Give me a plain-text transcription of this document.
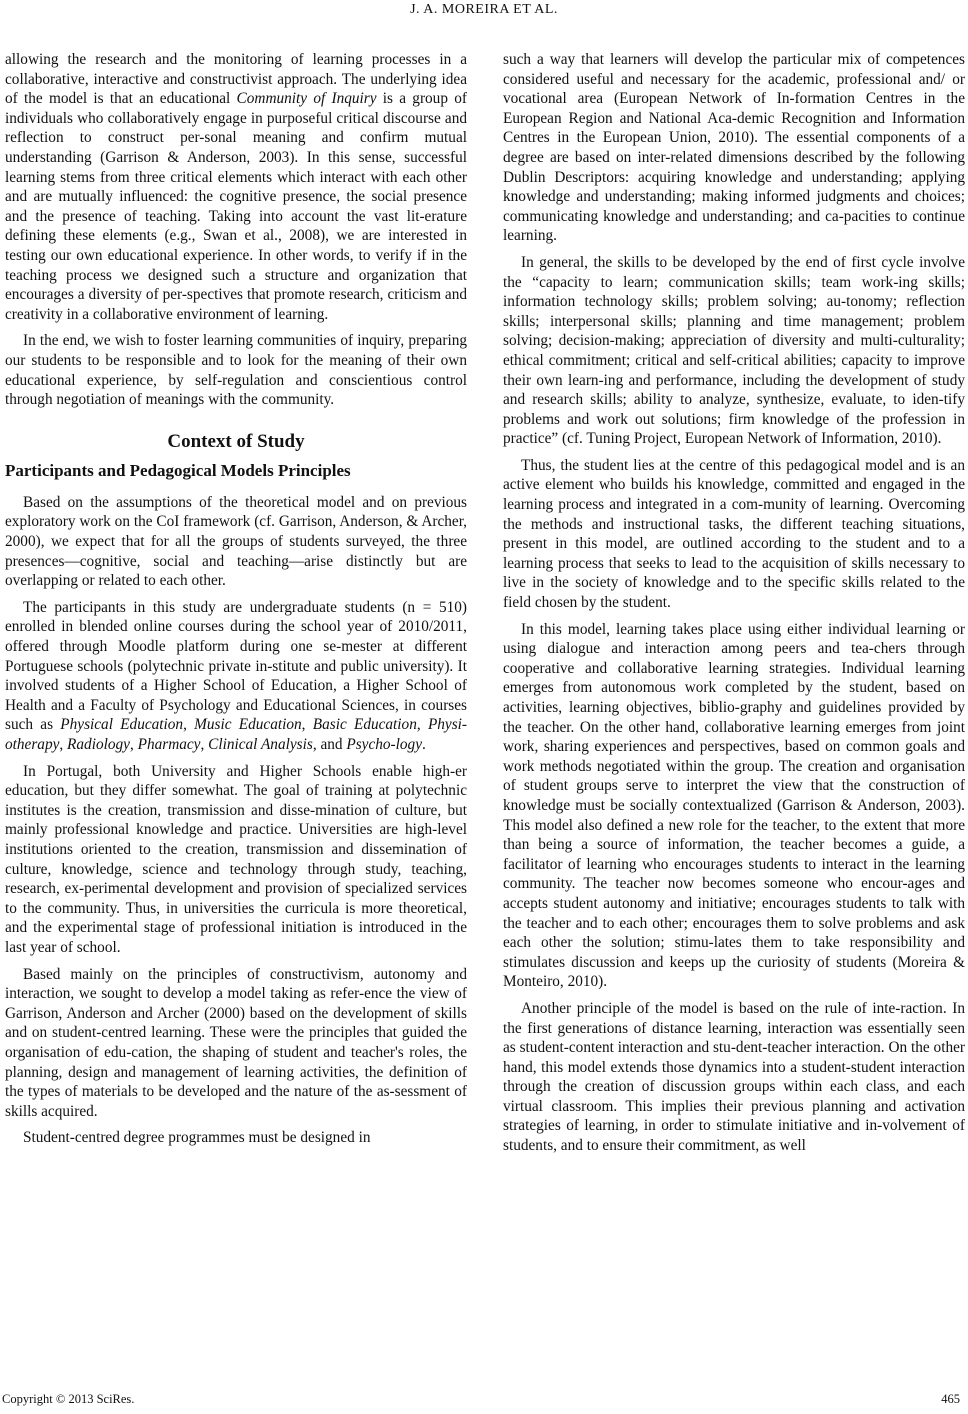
J. A. MOREIRA ET AL.

allowing the research and the monitoring of learning processes in a collaborative, interactive and constructivist approach. The underlying idea of the model is that an educational Community of Inquiry is a group of individuals who collaboratively engage in purposeful critical discourse and reflection to construct per-sonal meaning and confirm mutual understanding (Garrison & Anderson, 2003). In this sense, successful learning stems from three critical elements which interact with each other and are mutually influenced: the cognitive presence, the social presence and the presence of teaching. Taking into account the vast lit-erature defining these elements (e.g., Swan et al., 2008), we are interested in testing our own educational experience. In other words, to verify if in the teaching process we designed such a structure and organization that encourages a diversity of per-spectives that promote research, criticism and creativity in a collaborative environment of learning.

In the end, we wish to foster learning communities of inquiry, preparing our students to be responsible and to look for the meaning of their own educational experience, by self-regulation and conscientious control through negotiation of meanings with the community.

Context of Study
Participants and Pedagogical Models Principles

Based on the assumptions of the theoretical model and on previous exploratory work on the CoI framework (cf. Garrison, Anderson, & Archer, 2000), we expect that for all the groups of students surveyed, the three presences—cognitive, social and teaching—arise distinctly but are overlapping or related to each other.

The participants in this study are undergraduate students (n = 510) enrolled in blended online courses during the school year of 2010/2011, offered through Moodle platform during one se-mester at different Portuguese schools (polytechnic private in-stitute and public university). It involved students of a Higher School of Education, a Higher School of Health and a Faculty of Psychology and Educational Sciences, in courses such as Physical Education, Music Education, Basic Education, Physi-otherapy, Radiology, Pharmacy, Clinical Analysis, and Psycho-logy.

In Portugal, both University and Higher Schools enable high-er education, but they differ somewhat. The goal of training at polytechnic institutes is the creation, transmission and disse-mination of culture, but mainly professional knowledge and practice. Universities are high-level institutions oriented to the creation, transmission and dissemination of culture, knowledge, science and technology through study, teaching, research, ex-perimental development and provision of specialized services to the community. Thus, in universities the curricula is more theoretical, and the experimental stage of professional initiation is introduced in the last year of school.

Based mainly on the principles of constructivism, autonomy and interaction, we sought to develop a model taking as refer-ence the view of Garrison, Anderson and Archer (2000) based on the development of skills and on student-centred learning. These were the principles that guided the organisation of edu-cation, the shaping of student and teacher's roles, the planning, design and management of learning activities, the definition of the types of materials to be developed and the nature of the as-sessment of skills acquired.

Student-centred degree programmes must be designed in

such a way that learners will develop the particular mix of competences considered useful and necessary for the academic, professional and/ or vocational area (European Network of In-formation Centres in the European Region and National Aca-demic Recognition and Information Centres in the European Union, 2010). The essential components of a degree are based on inter-related dimensions described by the following Dublin Descriptors: acquiring knowledge and understanding; applying knowledge and understanding; making informed judgments and choices; communicating knowledge and understanding; and ca-pacities to continue learning.

In general, the skills to be developed by the end of first cycle involve the “capacity to learn; communication skills; team work-ing skills; information technology skills; problem solving; au-tonomy; reflection skills; interpersonal skills; planning and time management; problem solving; decision-making; appreciation of diversity and multi-culturality; ethical commitment; critical and self-critical abilities; capacity to improve their own learn-ing and performance, including the development of study and research skills; ability to analyze, synthesize, evaluate, to iden-tify problems and work out solutions; firm knowledge of the profession in practice” (cf. Tuning Project, European Network of Information, 2010).

Thus, the student lies at the centre of this pedagogical model and is an active element who builds his knowledge, committed and engaged in the learning process and integrated in a com-munity of learning. Overcoming the methods and instructional tasks, the different teaching situations, present in this model, are outlined according to the student and to a learning process that seeks to lead to the acquisition of skills necessary to live in the society of knowledge and to the specific skills related to the field chosen by the student.

In this model, learning takes place using either individual learning or using dialogue and interaction among peers and tea-chers through cooperative and collaborative learning strategies. Individual learning emerges from autonomous work completed by the student, based on activities, learning objectives, biblio-graphy and guidelines provided by the teacher. On the other hand, collaborative learning emerges from joint work, sharing experiences and perspectives, based on common goals and work methods negotiated within the group. The creation and organisation of student groups serve to interpret the view that the construction of knowledge must be socially contextualized (Garrison & Anderson, 2003). This model also defined a new role for the teacher, to the extent that more than being a source of information, the teacher becomes a guide, a facilitator of learning who encourages students to interact in the learning community. The teacher now becomes someone who encour-ages and accepts student autonomy and initiative; encourages students to talk with the teacher and to each other; encourages them to solve problems and ask each other the solution; stimu-lates them to take responsibility and stimulates discussion and keeps up the curiosity of students (Moreira & Monteiro, 2010).

Another principle of the model is based on the rule of inte-raction. In the first generations of distance learning, interaction was essentially seen as student-content interaction and stu-dent-teacher interaction. On the other hand, this model extends those dynamics into a student-student interaction through the creation of discussion groups within each class, and each virtual classroom. This implies their previous planning and activation strategies of learning, in order to stimulate initiative and in-volvement of students, and to ensure their commitment, as well

Copyright © 2013 SciRes.	465
